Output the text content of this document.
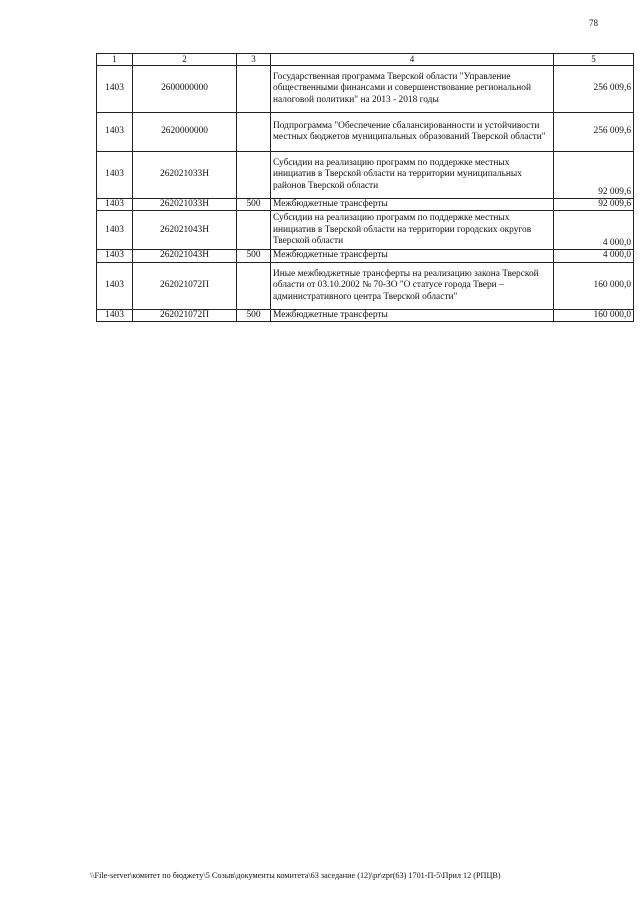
78
1	2	3	4	5
1403	2600000000		Государственная программа Тверской области "Управление общественными финансами и совершенствование региональной налоговой политики" на 2013 - 2018 годы	256 009,6
1403	2620000000		Подпрограмма "Обеспечение сбалансированности и устойчивости местных бюджетов муниципальных образований Тверской области"	256 009,6
1403	262021033Н		Субсидии на реализацию программ по поддержке местных инициатив в Тверской области на территории муниципальных районов Тверской области	92 009,6
1403	262021033Н	500	Межбюджетные трансферты	92 009,6
1403	262021043Н		Субсидии на реализацию программ по поддержке местных инициатив в Тверской области на территории городских округов Тверской области	4 000,0
1403	262021043Н	500	Межбюджетные трансферты	4 000,0
1403	262021072П		Иные межбюджетные трансферты на реализацию закона Тверской области от 03.10.2002 № 70-ЗО "О статусе города Твери – административного центра Тверской области"	160 000,0
1403	262021072П	500	Межбюджетные трансферты	160 000,0
\\File-server\комитет по бюджету\5 Созыв\документы комитета\63 заседание (12)\pr\zpr(63) 1701-П-5\Прил 12 (РПЦВ)
